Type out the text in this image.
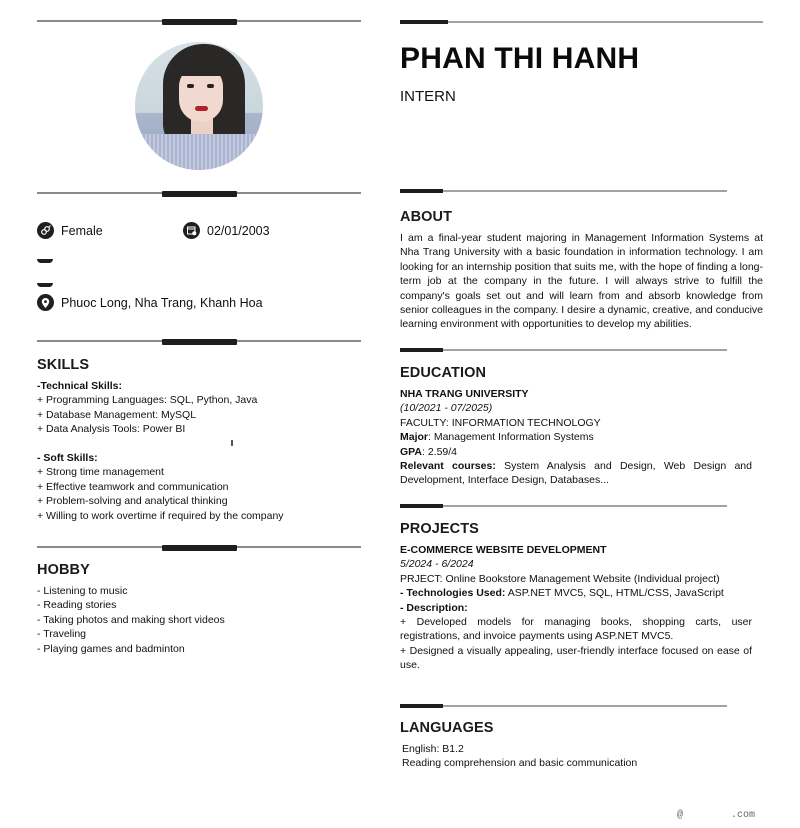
Female	02/01/2003
Phuoc Long, Nha Trang, Khanh Hoa
SKILLS
-Technical Skills:
+ Programming Languages: SQL, Python, Java
+ Database Management: MySQL
+ Data Analysis Tools: Power BI
- Soft Skills:
+ Strong time management
+ Effective teamwork and communication
+ Problem-solving and analytical thinking
+ Willing to work overtime if required by the company
HOBBY
- Listening to music
- Reading stories
- Taking photos and making short videos
- Traveling
- Playing games and badminton
PHAN THI HANH
INTERN
ABOUT
I am a final-year student majoring in Management Information Systems at Nha Trang University with a basic foundation in information technology. I am looking for an internship position that suits me, with the hope of finding a long-term job at the company in the future. I will always strive to fulfill the company's goals set out and will learn from and absorb knowledge from senior colleagues in the company. I desire a dynamic, creative, and conducive learning environment with opportunities to develop my abilities.
EDUCATION
NHA TRANG UNIVERSITY
(10/2021 - 07/2025)
FACULTY: INFORMATION TECHNOLOGY
Major: Management Information Systems
GPA: 2.59/4
Relevant courses: System Analysis and Design, Web Design and Development, Interface Design, Databases...
PROJECTS
E-COMMERCE WEBSITE DEVELOPMENT
5/2024 - 6/2024
PRJECT: Online Bookstore Management Website (Individual project)
- Technologies Used: ASP.NET MVC5, SQL, HTML/CSS, JavaScript
- Description:
+ Developed models for managing books, shopping carts, user registrations, and invoice payments using ASP.NET MVC5.
+ Designed a visually appealing, user-friendly interface focused on ease of use.
LANGUAGES
English: B1.2
Reading comprehension and basic communication
@        .com
